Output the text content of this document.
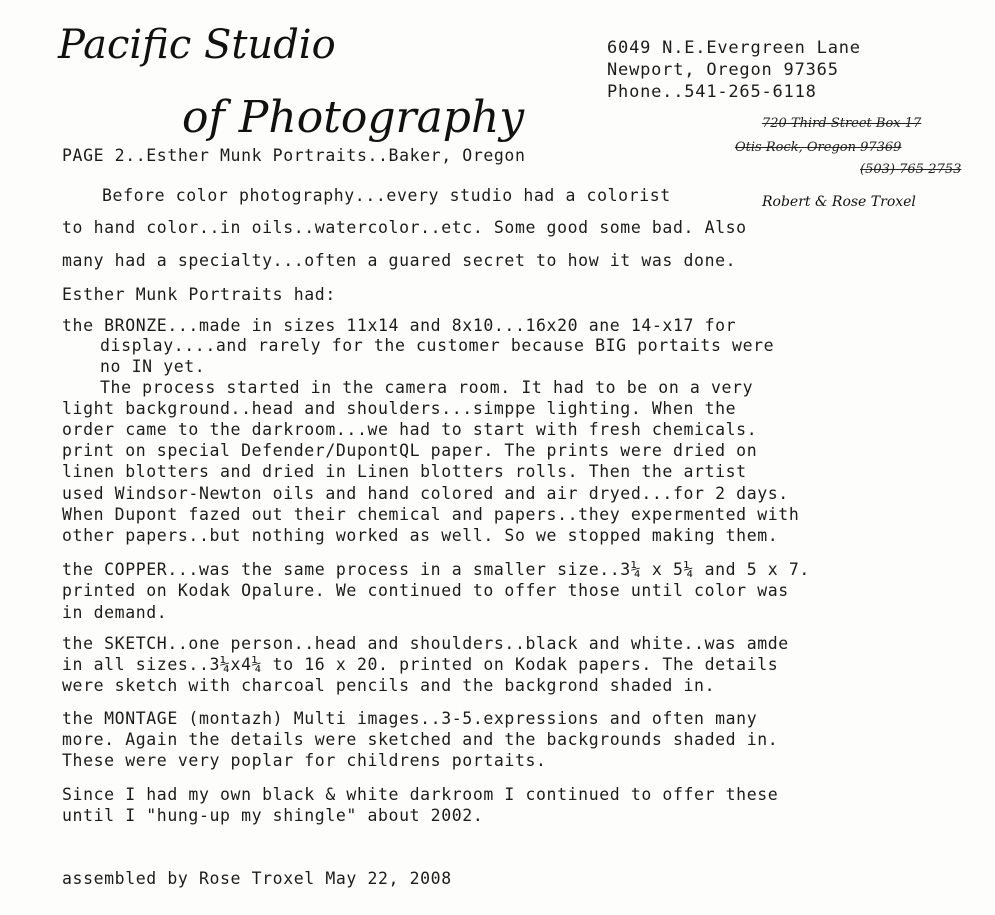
Pacific Studio
of Photography
6049 N.E.Evergreen Lane
Newport, Oregon 97365
Phone..541-265-6118
720 Third Street Box 17
Otis Rock, Oregon 97369
(503) 765-2753
Robert & Rose Troxel
PAGE 2..Esther Munk Portraits..Baker, Oregon
Before color photography...every studio had a colorist
to hand color..in oils..watercolor..etc. Some good some bad. Also
many had a specialty...often a guared secret to how it was done.
Esther Munk Portraits had:
the BRONZE...made in sizes 11x14 and 8x10...16x20 ane 14-x17 for
display....and rarely for the customer because BIG portaits were
no IN yet.
The process started in the camera room. It had to be on a very
light background..head and shoulders...simppe lighting. When the
order came to the darkroom...we had to start with fresh chemicals.
print on special Defender/DupontQL paper. The prints were dried on
linen blotters and dried in Linen blotters rolls. Then the artist
used Windsor-Newton oils and hand colored and air dryed...for 2 days.
When Dupont fazed out their chemical and papers..they expermented with
other papers..but nothing worked as well. So we stopped making them.
the COPPER...was the same process in a smaller size..3¼ x 5¼ and 5 x 7.
printed on Kodak Opalure. We continued to offer those until color was
in demand.
the SKETCH..one person..head and shoulders..black and white..was amde
in all sizes..3¼x4¼ to 16 x 20. printed on Kodak papers. The details
were sketch with charcoal pencils and the backgrond shaded in.
the MONTAGE (montazh) Multi images..3-5.expressions and often many
more. Again the details were sketched and the backgrounds shaded in.
These were very poplar for childrens portaits.
Since I had my own black & white darkroom I continued to offer these
until I "hung-up my shingle" about 2002.
assembled by Rose Troxel May 22, 2008
